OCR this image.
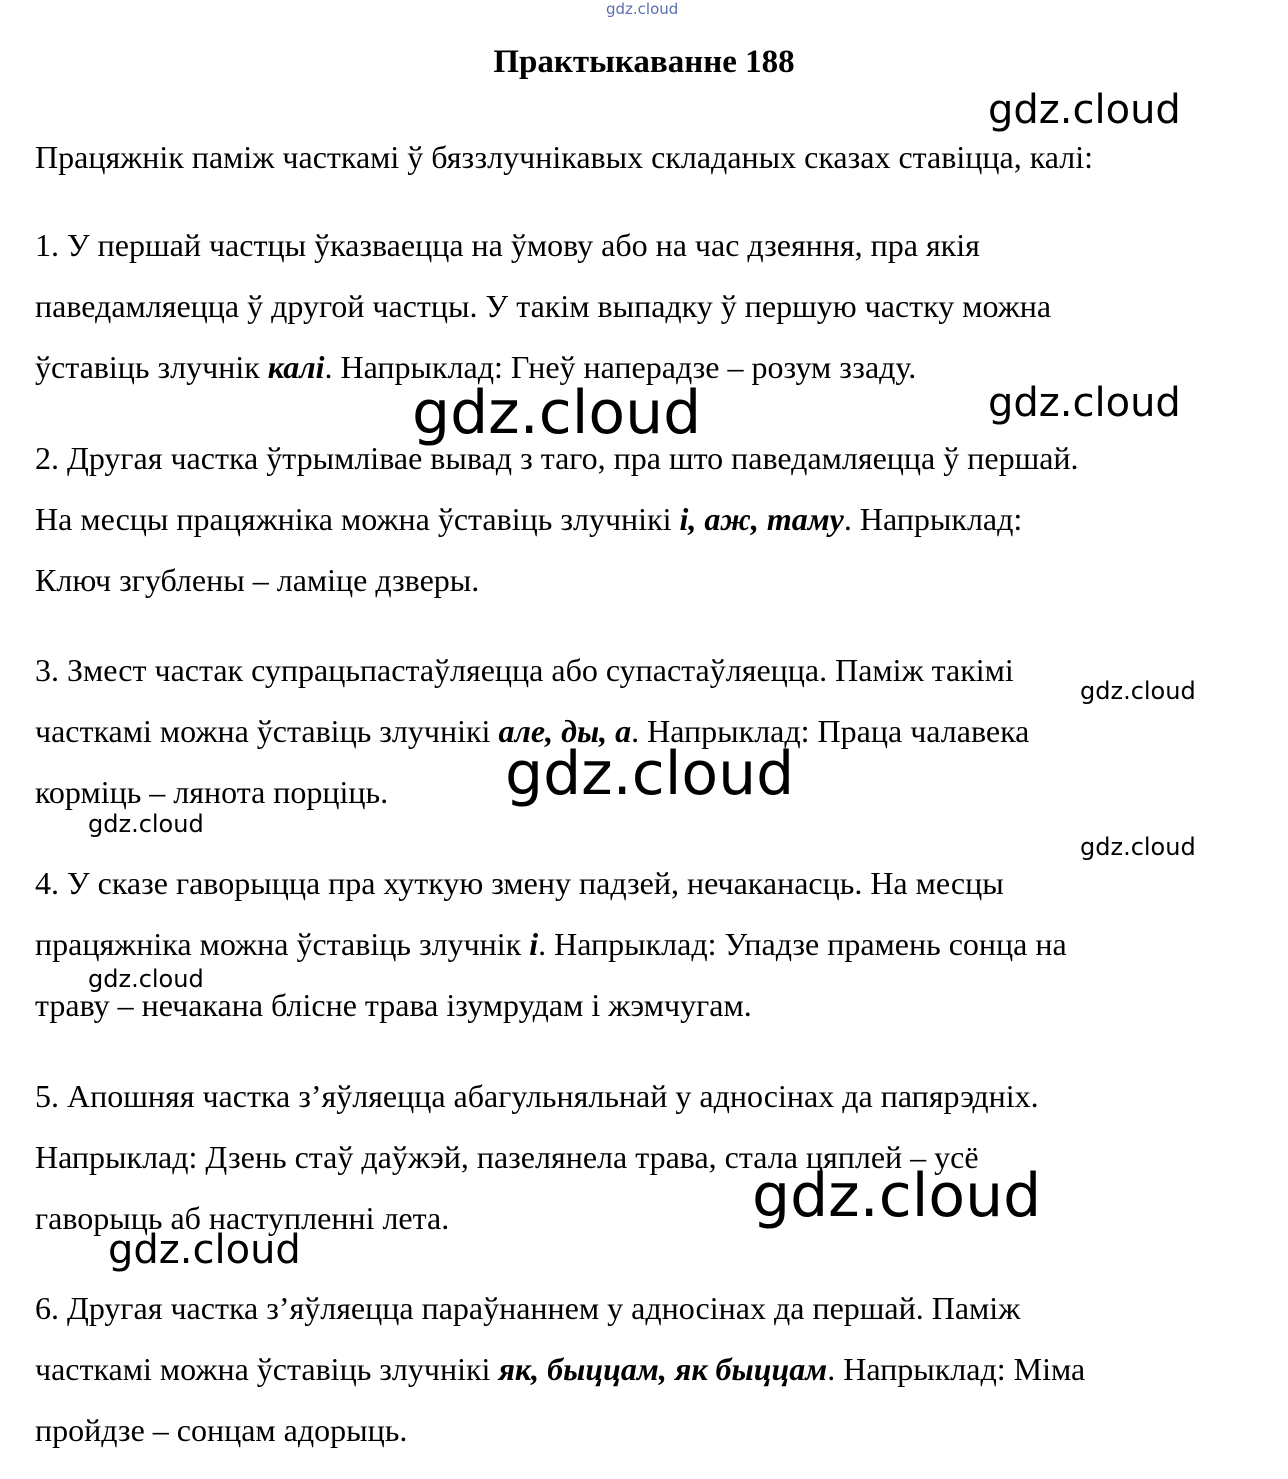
gdz.cloud
gdz.cloud
gdz.cloud
gdz.cloud
gdz.cloud
gdz.cloud
gdz.cloud
gdz.cloud
gdz.cloud
gdz.cloud
gdz.cloud
Практыкаванне 188
Працяжнік паміж часткамі ў бяззлучнікавых складаных сказах ставіцца, калі:
1. У першай частцы ўказваецца на ўмову або на час дзеяння, пра якія
паведамляецца ў другой частцы. У такім выпадку ў першую частку можна
ўставіць злучнік калі. Напрыклад: Гнеў наперадзе – розум ззаду.
2. Другая частка ўтрымлівае вывад з таго, пра што паведамляецца ў першай.
На месцы працяжніка можна ўставіць злучнікі і, аж, таму. Напрыклад:
Ключ згублены – ламіце дзверы.
3. Змест частак супрацьпастаўляецца або супастаўляецца. Паміж такімі
часткамі можна ўставіць злучнікі але, ды, а. Напрыклад: Праца чалавека
корміць – лянота порціць.
4. У сказе гаворыцца пра хуткую змену падзей, нечаканасць. На месцы
працяжніка можна ўставіць злучнік і. Напрыклад: Упадзе прамень сонца на
траву – нечакана блісне трава ізумрудам і жэмчугам.
5. Апошняя частка з’яўляецца абагульняльнай у адносінах да папярэдніх.
Напрыклад: Дзень стаў даўжэй, пазелянела трава, стала цяплей – усё
гаворыць аб наступленні лета.
6. Другая частка з’яўляецца параўнаннем у адносінах да першай. Паміж
часткамі можна ўставіць злучнікі як, быццам, як быццам. Напрыклад: Міма
пройдзе – сонцам адорыць.
